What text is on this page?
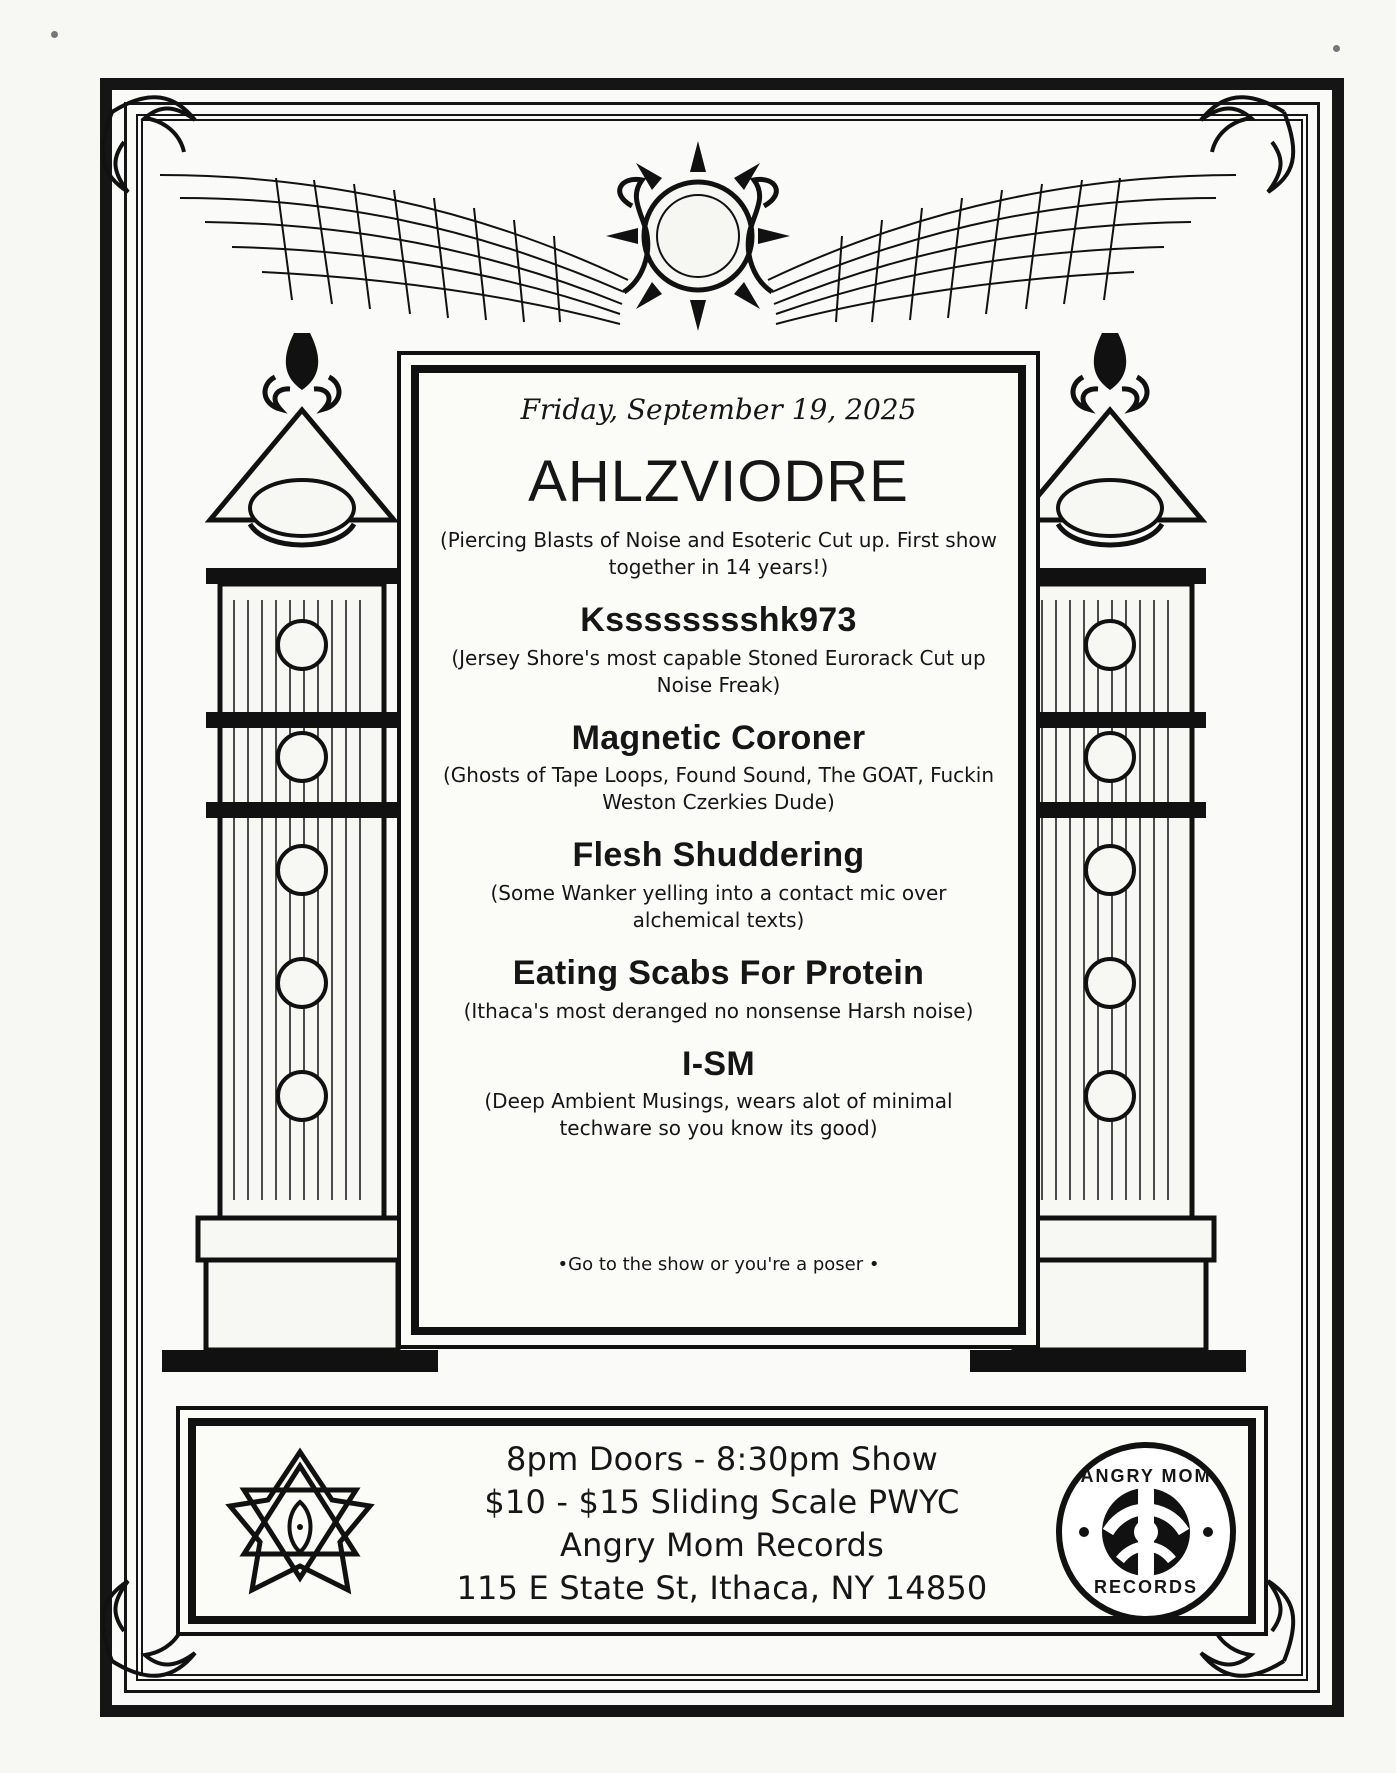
Friday, September 19, 2025
AHLZVIODRE
(Piercing Blasts of Noise and Esoteric Cut up. First show together in 14 years!)
Ksssssssshk973
(Jersey Shore's most capable Stoned Eurorack Cut up Noise Freak)
Magnetic Coroner
(Ghosts of Tape Loops, Found Sound, The GOAT, Fuckin Weston Czerkies Dude)
Flesh Shuddering
(Some Wanker yelling into a contact mic over alchemical texts)
Eating Scabs For Protein
(Ithaca's most deranged no nonsense Harsh noise)
I-SM
(Deep Ambient Musings, wears alot of minimal techware so you know its good)
•Go to the show or you're a poser •
8pm Doors - 8:30pm Show
$10 - $15 Sliding Scale PWYC
Angry Mom Records
115 E State St, Ithaca, NY 14850
ANGRY MOM
RECORDS
